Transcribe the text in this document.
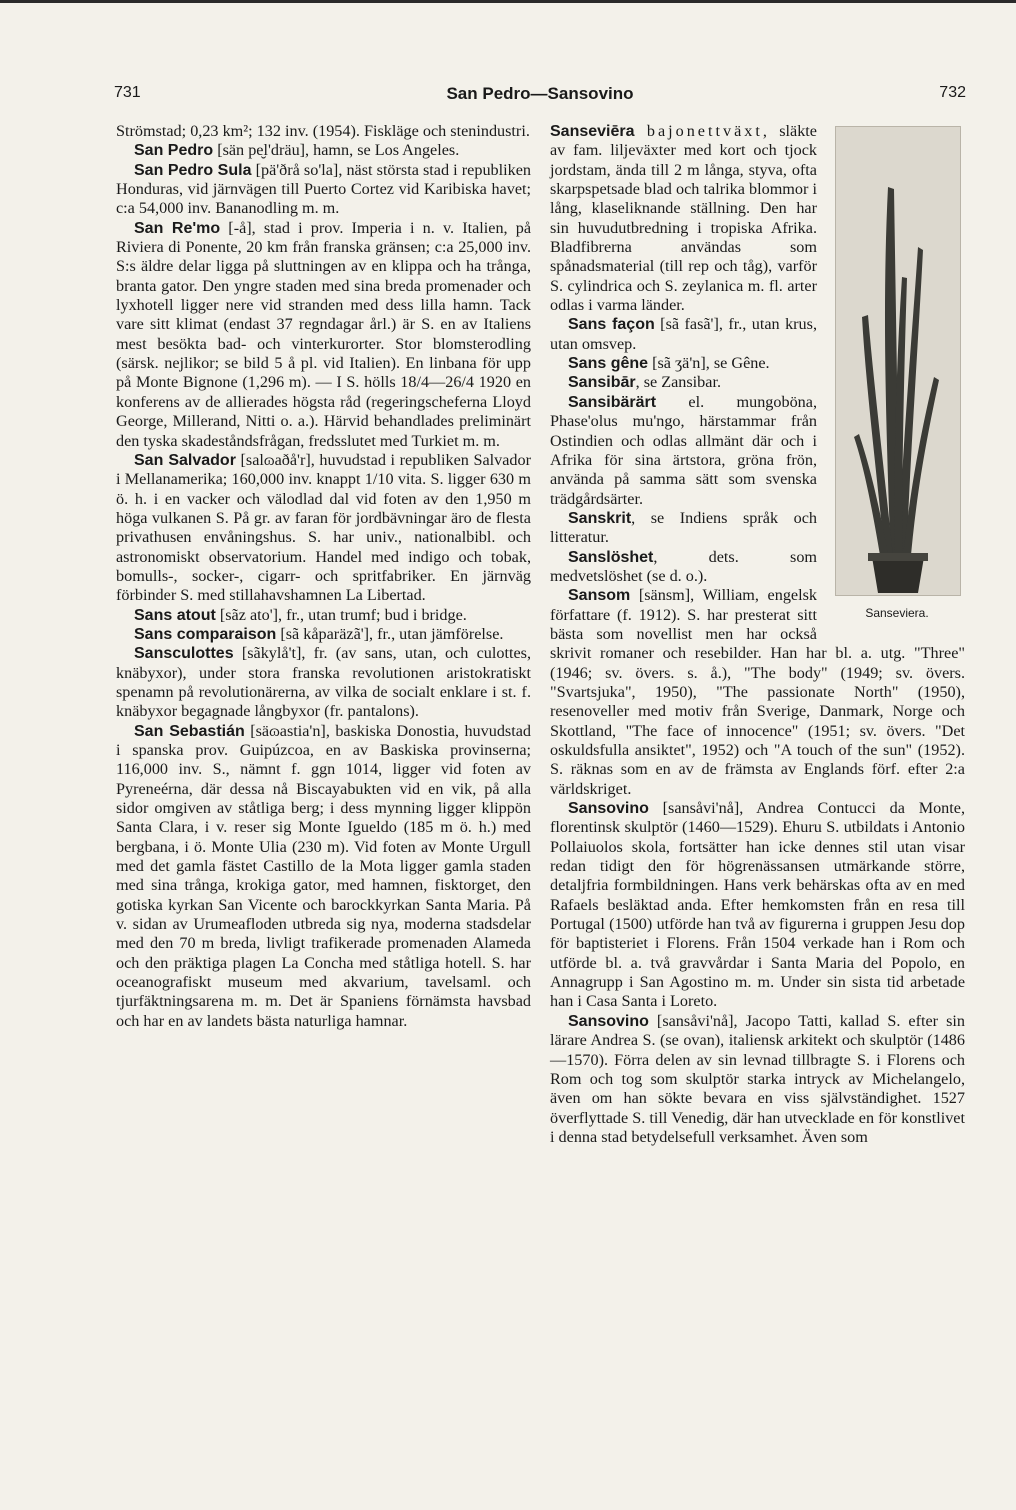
731	San Pedro—Sansovino	732

Strömstad; 0,23 km²; 132 inv. (1954). Fiskläge och stenindustri.

San Pedro [sän pe̮l'dräu], hamn, se Los Angeles.

San Pedro Sula [pä'ðrå so'la], näst största stad i republiken Honduras, vid järnvägen till Puerto Cortez vid Karibiska havet; c:a 54,000 inv. Bananodling m. m.

San Re'mo [-å], stad i prov. Imperia i n. v. Italien, på Riviera di Ponente, 20 km från franska gränsen; c:a 25,000 inv. S:s äldre delar ligga på sluttningen av en klippa och ha trånga, branta gator. Den yngre staden med sina breda promenader och lyxhotell ligger nere vid stranden med dess lilla hamn. Tack vare sitt klimat (endast 37 regndagar årl.) är S. en av Italiens mest besökta bad- och vinterkurorter. Stor blomsterodling (särsk. nejlikor; se bild 5 å pl. vid Italien). En linbana för upp på Monte Bignone (1,296 m). — I S. hölls 18/4—26/4 1920 en konferens av de allierades högsta råd (regeringscheferna Lloyd George, Millerand, Nitti o. a.). Härvid behandlades preliminärt den tyska skadeståndsfrågan, fredsslutet med Turkiet m. m.

San Salvador [salɷaðå'r], huvudstad i republiken Salvador i Mellanamerika; 160,000 inv. knappt 1/10 vita. S. ligger 630 m ö. h. i en vacker och välodlad dal vid foten av den 1,950 m höga vulkanen S. På gr. av faran för jordbävningar äro de flesta privathusen envåningshus. S. har univ., nationalbibl. och astronomiskt observatorium. Handel med indigo och tobak, bomulls-, socker-, cigarr- och spritfabriker. En järnväg förbinder S. med stillahavshamnen La Libertad.

Sans atout [sãz ato'], fr., utan trumf; bud i bridge.

Sans comparaison [sã kåparäzã'], fr., utan jämförelse.

Sansculottes [sãkylå't], fr. (av sans, utan, och culottes, knäbyxor), under stora franska revolutionen aristokratiskt spenamn på revolutionärerna, av vilka de socialt enklare i st. f. knäbyxor begagnade långbyxor (fr. pantalons).

San Sebastián [säɷastia'n], baskiska Donostia, huvudstad i spanska prov. Guipúzcoa, en av Baskiska provinserna; 116,000 inv. S., nämnt f. ggn 1014, ligger vid foten av Pyreneérna, där dessa nå Biscayabukten vid en vik, på alla sidor omgiven av ståtliga berg; i dess mynning ligger klippön Santa Clara, i v. reser sig Monte Igueldo (185 m ö. h.) med bergbana, i ö. Monte Ulia (230 m). Vid foten av Monte Urgull med det gamla fästet Castillo de la Mota ligger gamla staden med sina trånga, krokiga gator, med hamnen, fisktorget, den gotiska kyrkan San Vicente och barockkyrkan Santa Maria. På v. sidan av Urumeafloden utbreda sig nya, moderna stadsdelar med den 70 m breda, livligt trafikerade promenaden Alameda och den präktiga plagen La Concha med ståtliga hotell. S. har oceanografiskt museum med akvarium, tavelsaml. och tjurfäktningsarena m. m. Det är Spaniens förnämsta havsbad och har en av landets bästa naturliga hamnar.

Sanseviera.

Sanseviēra bajonettväxt, släkte av fam. liljeväxter med kort och tjock jordstam, ända till 2 m långa, styva, ofta skarpspetsade blad och talrika blommor i lång, klaseliknande ställning. Den har sin huvudutbredning i tropiska Afrika. Bladfibrerna användas som spånadsmaterial (till rep och tåg), varför S. cylindrica och S. zeylanica m. fl. arter odlas i varma länder.

Sans façon [sã fasã'], fr., utan krus, utan omsvep.

Sans gêne [sã ʒä'n], se Gêne.

Sansibār, se Zansibar.

Sansibärärt el. mungoböna, Phase'olus mu'ngo, härstammar från Ostindien och odlas allmänt där och i Afrika för sina ärtstora, gröna frön, använda på samma sätt som svenska trädgårdsärter.

Sanskrit, se Indiens språk och litteratur.

Sanslöshet, dets. som medvetslöshet (se d. o.).

Sansom [sänsm], William, engelsk författare (f. 1912). S. har presterat sitt bästa som novellist men har också skrivit romaner och resebilder. Han har bl. a. utg. "Three" (1946; sv. övers. s. å.), "The body" (1949; sv. övers. "Svartsjuka", 1950), "The passionate North" (1950), resenoveller med motiv från Sverige, Danmark, Norge och Skottland, "The face of innocence" (1951; sv. övers. "Det oskuldsfulla ansiktet", 1952) och "A touch of the sun" (1952). S. räknas som en av de främsta av Englands förf. efter 2:a världskriget.

Sansovino [sansåvi'nå], Andrea Contucci da Monte, florentinsk skulptör (1460—1529). Ehuru S. utbildats i Antonio Pollaiuolos skola, fortsätter han icke dennes stil utan visar redan tidigt den för högrenässansen utmärkande större, detaljfria formbildningen. Hans verk behärskas ofta av en med Rafaels besläktad anda. Efter hemkomsten från en resa till Portugal (1500) utförde han två av figurerna i gruppen Jesu dop för baptisteriet i Florens. Från 1504 verkade han i Rom och utförde bl. a. två gravvårdar i Santa Maria del Popolo, en Annagrupp i San Agostino m. m. Under sin sista tid arbetade han i Casa Santa i Loreto.

Sansovino [sansåvi'nå], Jacopo Tatti, kallad S. efter sin lärare Andrea S. (se ovan), italiensk arkitekt och skulptör (1486—1570). Förra delen av sin levnad tillbragte S. i Florens och Rom och tog som skulptör starka intryck av Michelangelo, även om han sökte bevara en viss självständighet. 1527 överflyttade S. till Venedig, där han utvecklade en för konstlivet i denna stad betydelsefull verksamhet. Även som
